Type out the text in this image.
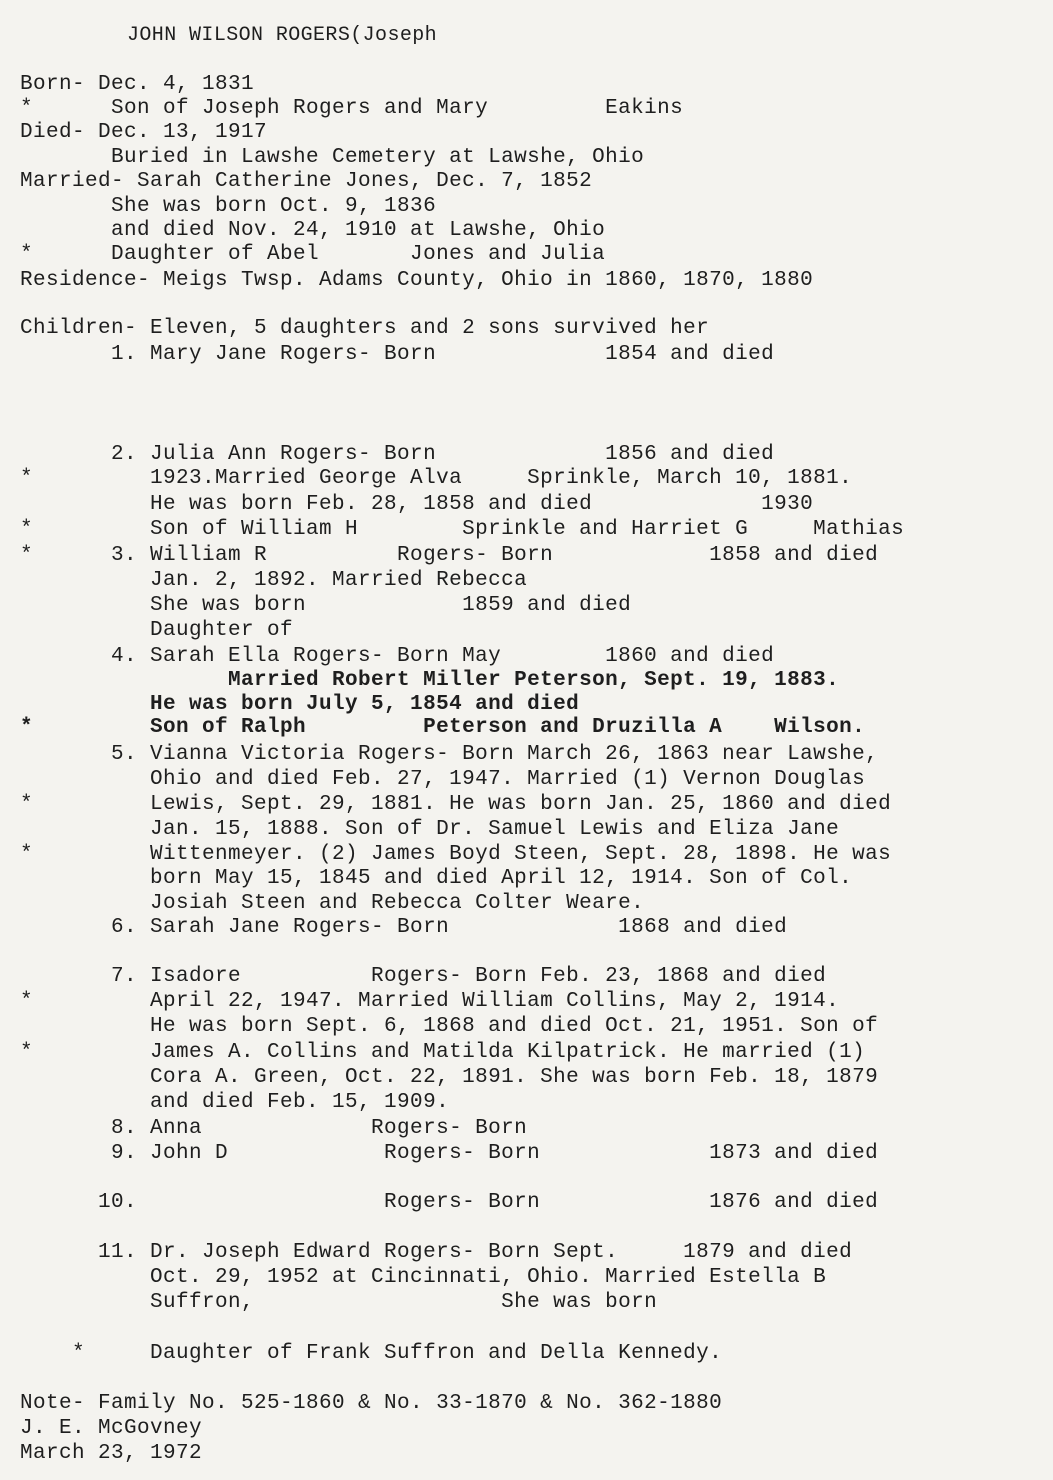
JOHN WILSON ROGERS(Joseph
Born- Dec. 4, 1831
*      Son of Joseph Rogers and Mary         Eakins
Died- Dec. 13, 1917
Buried in Lawshe Cemetery at Lawshe, Ohio
Married- Sarah Catherine Jones, Dec. 7, 1852
She was born Oct. 9, 1836
and died Nov. 24, 1910 at Lawshe, Ohio
*      Daughter of Abel       Jones and Julia
Residence- Meigs Twsp. Adams County, Ohio in 1860, 1870, 1880
Children- Eleven, 5 daughters and 2 sons survived her
1. Mary Jane Rogers- Born             1854 and died
2. Julia Ann Rogers- Born             1856 and died
*         1923.Married George Alva     Sprinkle, March 10, 1881.
He was born Feb. 28, 1858 and died             1930
*         Son of William H        Sprinkle and Harriet G     Mathias
*      3. William R          Rogers- Born            1858 and died
Jan. 2, 1892. Married Rebecca
She was born            1859 and died
Daughter of
4. Sarah Ella Rogers- Born May        1860 and died
Married Robert Miller Peterson, Sept. 19, 1883.
He was born July 5, 1854 and died
*         Son of Ralph         Peterson and Druzilla A    Wilson.
5. Vianna Victoria Rogers- Born March 26, 1863 near Lawshe,
Ohio and died Feb. 27, 1947. Married (1) Vernon Douglas
*         Lewis, Sept. 29, 1881. He was born Jan. 25, 1860 and died
Jan. 15, 1888. Son of Dr. Samuel Lewis and Eliza Jane
*         Wittenmeyer. (2) James Boyd Steen, Sept. 28, 1898. He was
born May 15, 1845 and died April 12, 1914. Son of Col.
Josiah Steen and Rebecca Colter Weare.
6. Sarah Jane Rogers- Born             1868 and died
7. Isadore          Rogers- Born Feb. 23, 1868 and died
*         April 22, 1947. Married William Collins, May 2, 1914.
He was born Sept. 6, 1868 and died Oct. 21, 1951. Son of
*         James A. Collins and Matilda Kilpatrick. He married (1)
Cora A. Green, Oct. 22, 1891. She was born Feb. 18, 1879
and died Feb. 15, 1909.
8. Anna             Rogers- Born
9. John D            Rogers- Born             1873 and died
10.                   Rogers- Born             1876 and died
11. Dr. Joseph Edward Rogers- Born Sept.     1879 and died
Oct. 29, 1952 at Cincinnati, Ohio. Married Estella B
Suffron,                   She was born
*     Daughter of Frank Suffron and Della Kennedy.
Note- Family No. 525-1860 & No. 33-1870 & No. 362-1880
J. E. McGovney
March 23, 1972
